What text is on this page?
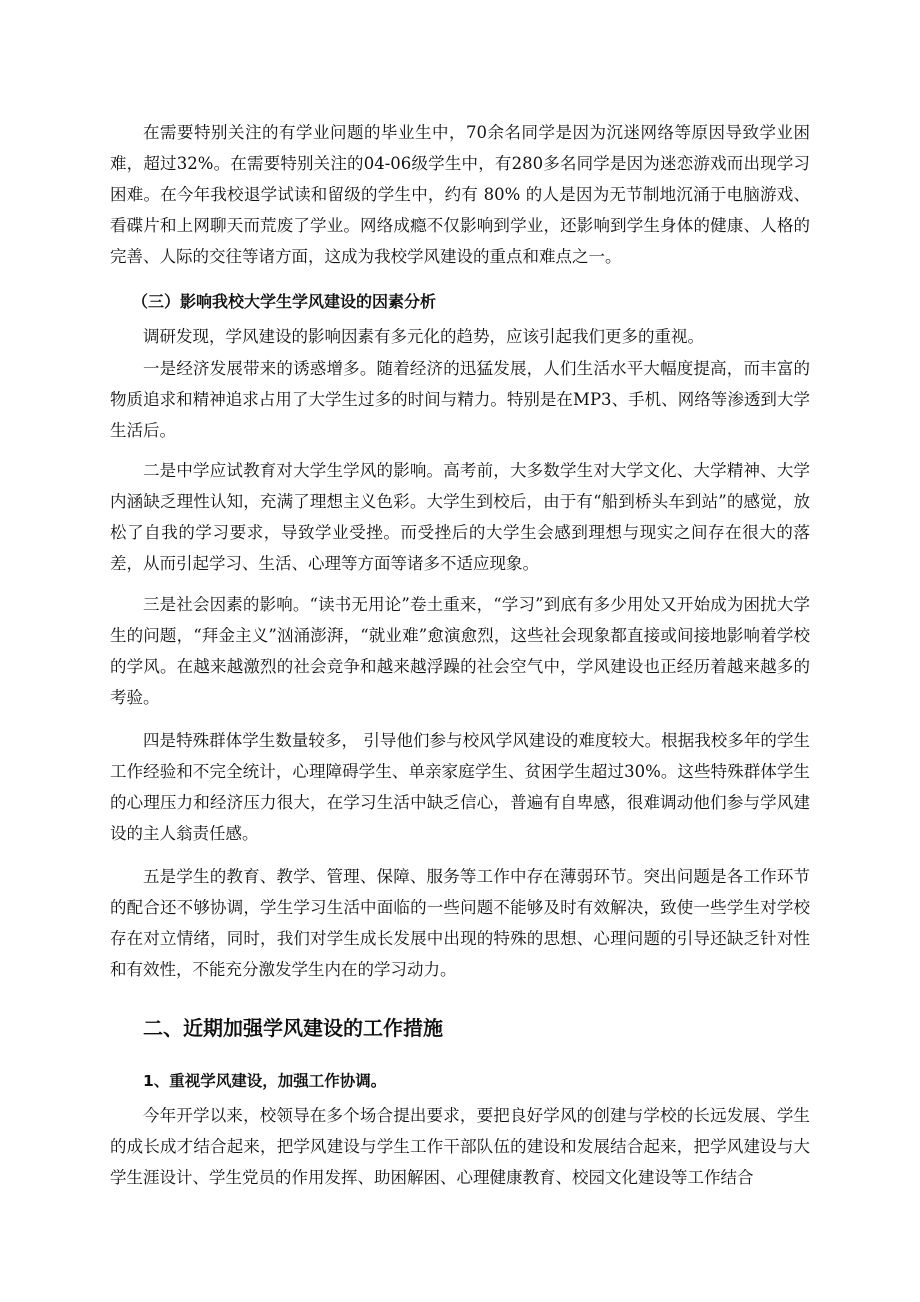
在需要特别关注的有学业问题的毕业生中，70余名同学是因为沉迷网络等原因导致学业困难，超过32%。在需要特别关注的04-06级学生中，有280多名同学是因为迷恋游戏而出现学习困难。在今年我校退学试读和留级的学生中，约有 80% 的人是因为无节制地沉涌于电脑游戏、看碟片和上网聊天而荒废了学业。网络成瘾不仅影响到学业，还影响到学生身体的健康、人格的完善、人际的交往等诸方面，这成为我校学风建设的重点和难点之一。

（三）影响我校大学生学风建设的因素分析

调研发现，学风建设的影响因素有多元化的趋势，应该引起我们更多的重视。

一是经济发展带来的诱惑增多。随着经济的迅猛发展，人们生活水平大幅度提高，而丰富的物质追求和精神追求占用了大学生过多的时间与精力。特别是在MP3、手机、网络等渗透到大学生活后。

二是中学应试教育对大学生学风的影响。高考前，大多数学生对大学文化、大学精神、大学内涵缺乏理性认知，充满了理想主义色彩。大学生到校后，由于有“船到桥头车到站”的感觉，放松了自我的学习要求，导致学业受挫。而受挫后的大学生会感到理想与现实之间存在很大的落差，从而引起学习、生活、心理等方面等诸多不适应现象。

三是社会因素的影响。“读书无用论”卷土重来，“学习”到底有多少用处又开始成为困扰大学生的问题，“拜金主义”汹涌澎湃，“就业难”愈演愈烈，这些社会现象都直接或间接地影响着学校的学风。在越来越激烈的社会竞争和越来越浮躁的社会空气中，学风建设也正经历着越来越多的考验。

四是特殊群体学生数量较多， 引导他们参与校风学风建设的难度较大。根据我校多年的学生工作经验和不完全统计，心理障碍学生、单亲家庭学生、贫困学生超过30%。这些特殊群体学生的心理压力和经济压力很大，在学习生活中缺乏信心，普遍有自卑感，很难调动他们参与学风建设的主人翁责任感。

五是学生的教育、教学、管理、保障、服务等工作中存在薄弱环节。突出问题是各工作环节的配合还不够协调，学生学习生活中面临的一些问题不能够及时有效解决，致使一些学生对学校存在对立情绪，同时，我们对学生成长发展中出现的特殊的思想、心理问题的引导还缺乏针对性和有效性，不能充分激发学生内在的学习动力。

二、近期加强学风建设的工作措施

1、重视学风建设，加强工作协调。

今年开学以来，校领导在多个场合提出要求，要把良好学风的创建与学校的长远发展、学生的成长成才结合起来，把学风建设与学生工作干部队伍的建设和发展结合起来，把学风建设与大学生涯设计、学生党员的作用发挥、助困解困、心理健康教育、校园文化建设等工作结合
